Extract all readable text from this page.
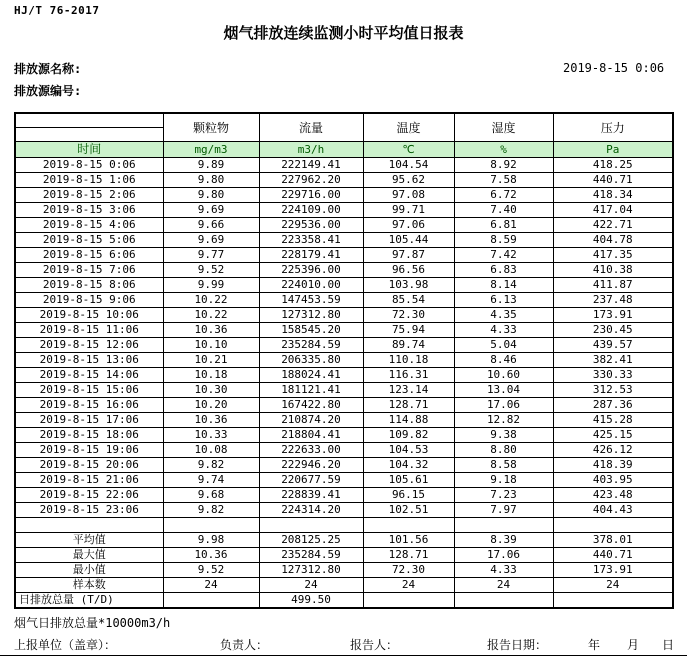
HJ/T 76-2017
烟气排放连续监测小时平均值日报表
排放源名称:
排放源编号:
2019-8-15 0:06
	颗粒物	流量	温度	湿度	压力

时间	mg/m3	m3/h	℃	%	Pa
2019-8-15 0:06	9.89	222149.41	104.54	8.92	418.25
2019-8-15 1:06	9.80	227962.20	95.62	7.58	440.71
2019-8-15 2:06	9.80	229716.00	97.08	6.72	418.34
2019-8-15 3:06	9.69	224109.00	99.71	7.40	417.04
2019-8-15 4:06	9.66	229536.00	97.06	6.81	422.71
2019-8-15 5:06	9.69	223358.41	105.44	8.59	404.78
2019-8-15 6:06	9.77	228179.41	97.87	7.42	417.35
2019-8-15 7:06	9.52	225396.00	96.56	6.83	410.38
2019-8-15 8:06	9.99	224010.00	103.98	8.14	411.87
2019-8-15 9:06	10.22	147453.59	85.54	6.13	237.48
2019-8-15 10:06	10.22	127312.80	72.30	4.35	173.91
2019-8-15 11:06	10.36	158545.20	75.94	4.33	230.45
2019-8-15 12:06	10.10	235284.59	89.74	5.04	439.57
2019-8-15 13:06	10.21	206335.80	110.18	8.46	382.41
2019-8-15 14:06	10.18	188024.41	116.31	10.60	330.33
2019-8-15 15:06	10.30	181121.41	123.14	13.04	312.53
2019-8-15 16:06	10.20	167422.80	128.71	17.06	287.36
2019-8-15 17:06	10.36	210874.20	114.88	12.82	415.28
2019-8-15 18:06	10.33	218804.41	109.82	9.38	425.15
2019-8-15 19:06	10.08	222633.00	104.53	8.80	426.12
2019-8-15 20:06	9.82	222946.20	104.32	8.58	418.39
2019-8-15 21:06	9.74	220677.59	105.61	9.18	403.95
2019-8-15 22:06	9.68	228839.41	96.15	7.23	423.48
2019-8-15 23:06	9.82	224314.20	102.51	7.97	404.43

平均值	9.98	208125.25	101.56	8.39	378.01
最大值	10.36	235284.59	128.71	17.06	440.71
最小值	9.52	127312.80	72.30	4.33	173.91
样本数	24	24	24	24	24
日排放总量 (T/D)		499.50			
烟气日排放总量*10000m3/h
上报单位（盖章）：	负责人：	报告人：	报告日期：	年 月 日
